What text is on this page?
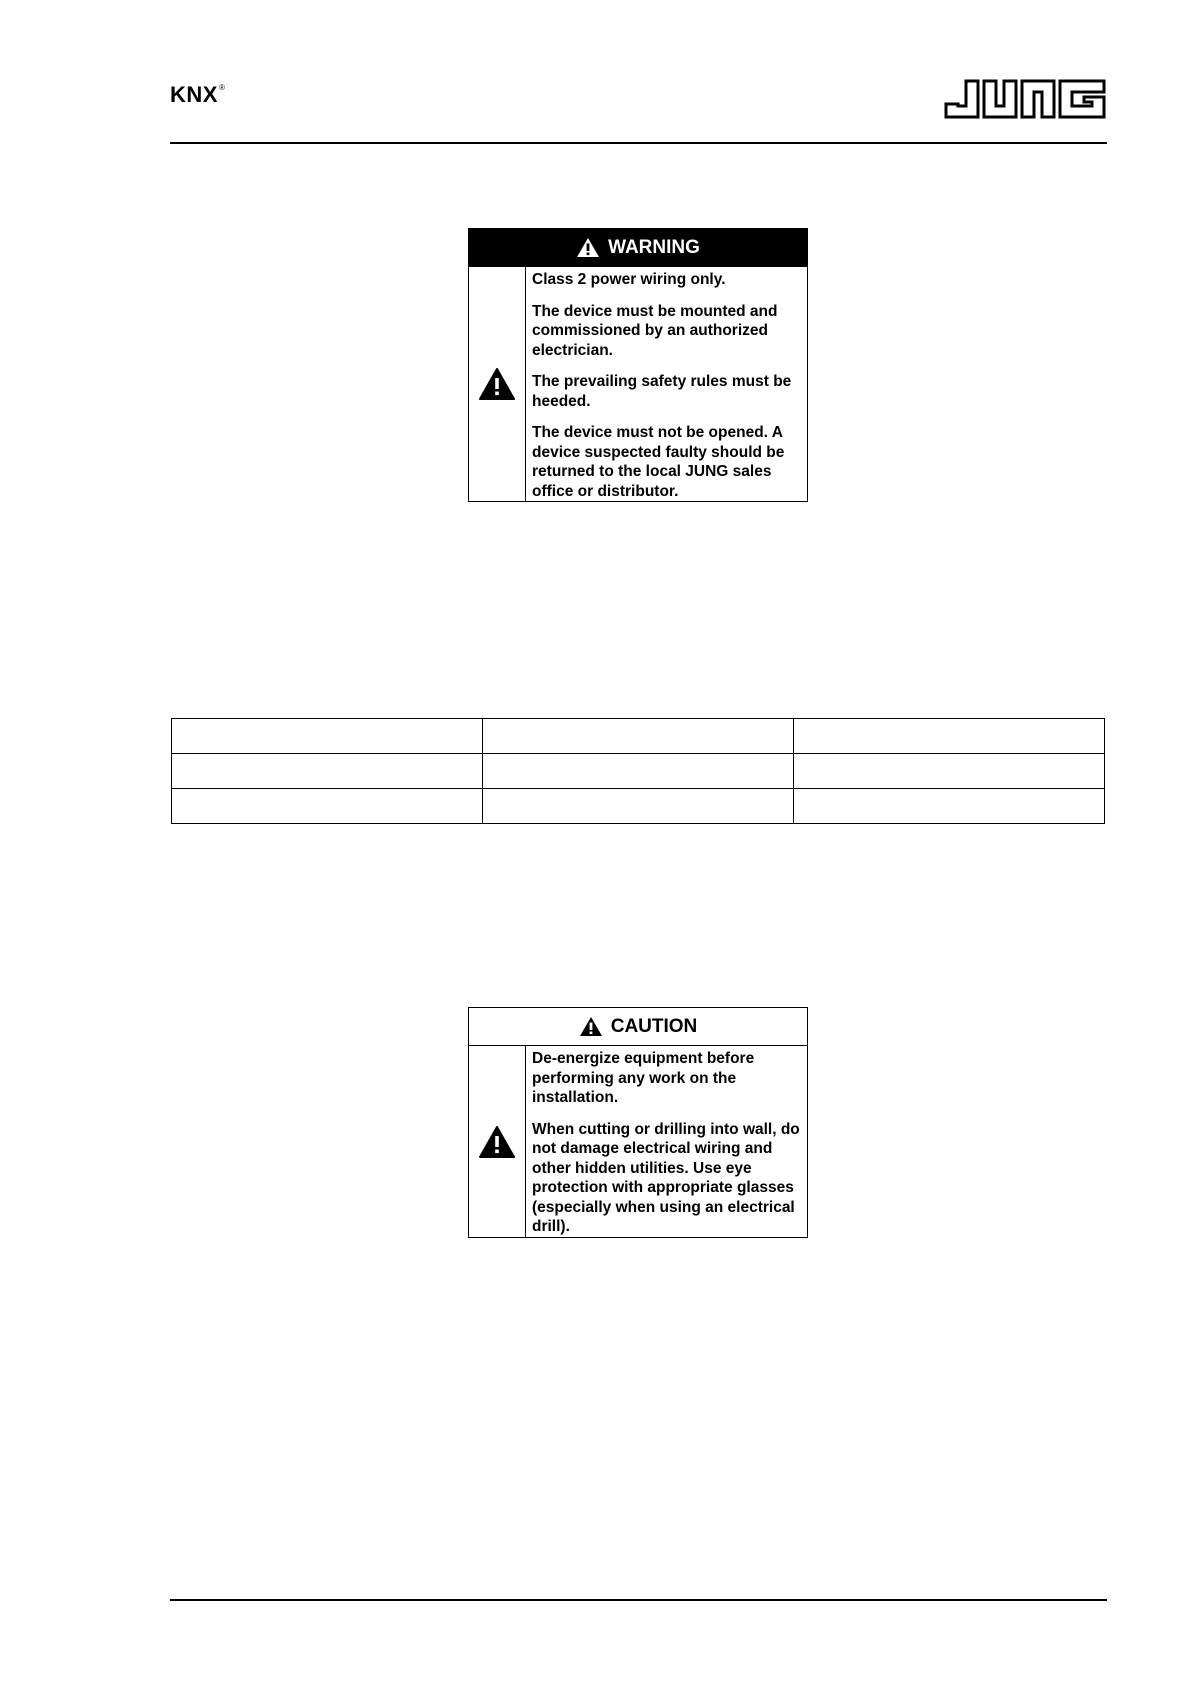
KNX®
WARNING

Class 2 power wiring only.

The device must be mounted and commissioned by an authorized electrician.

The prevailing safety rules must be heeded.

The device must not be opened. A device suspected faulty should be returned to the local JUNG sales office or distributor.

CAUTION

De-energize equipment before performing any work on the installation.

When cutting or drilling into wall, do not damage electrical wiring and other hidden utilities. Use eye protection with appropriate glasses (especially when using an electrical drill).
